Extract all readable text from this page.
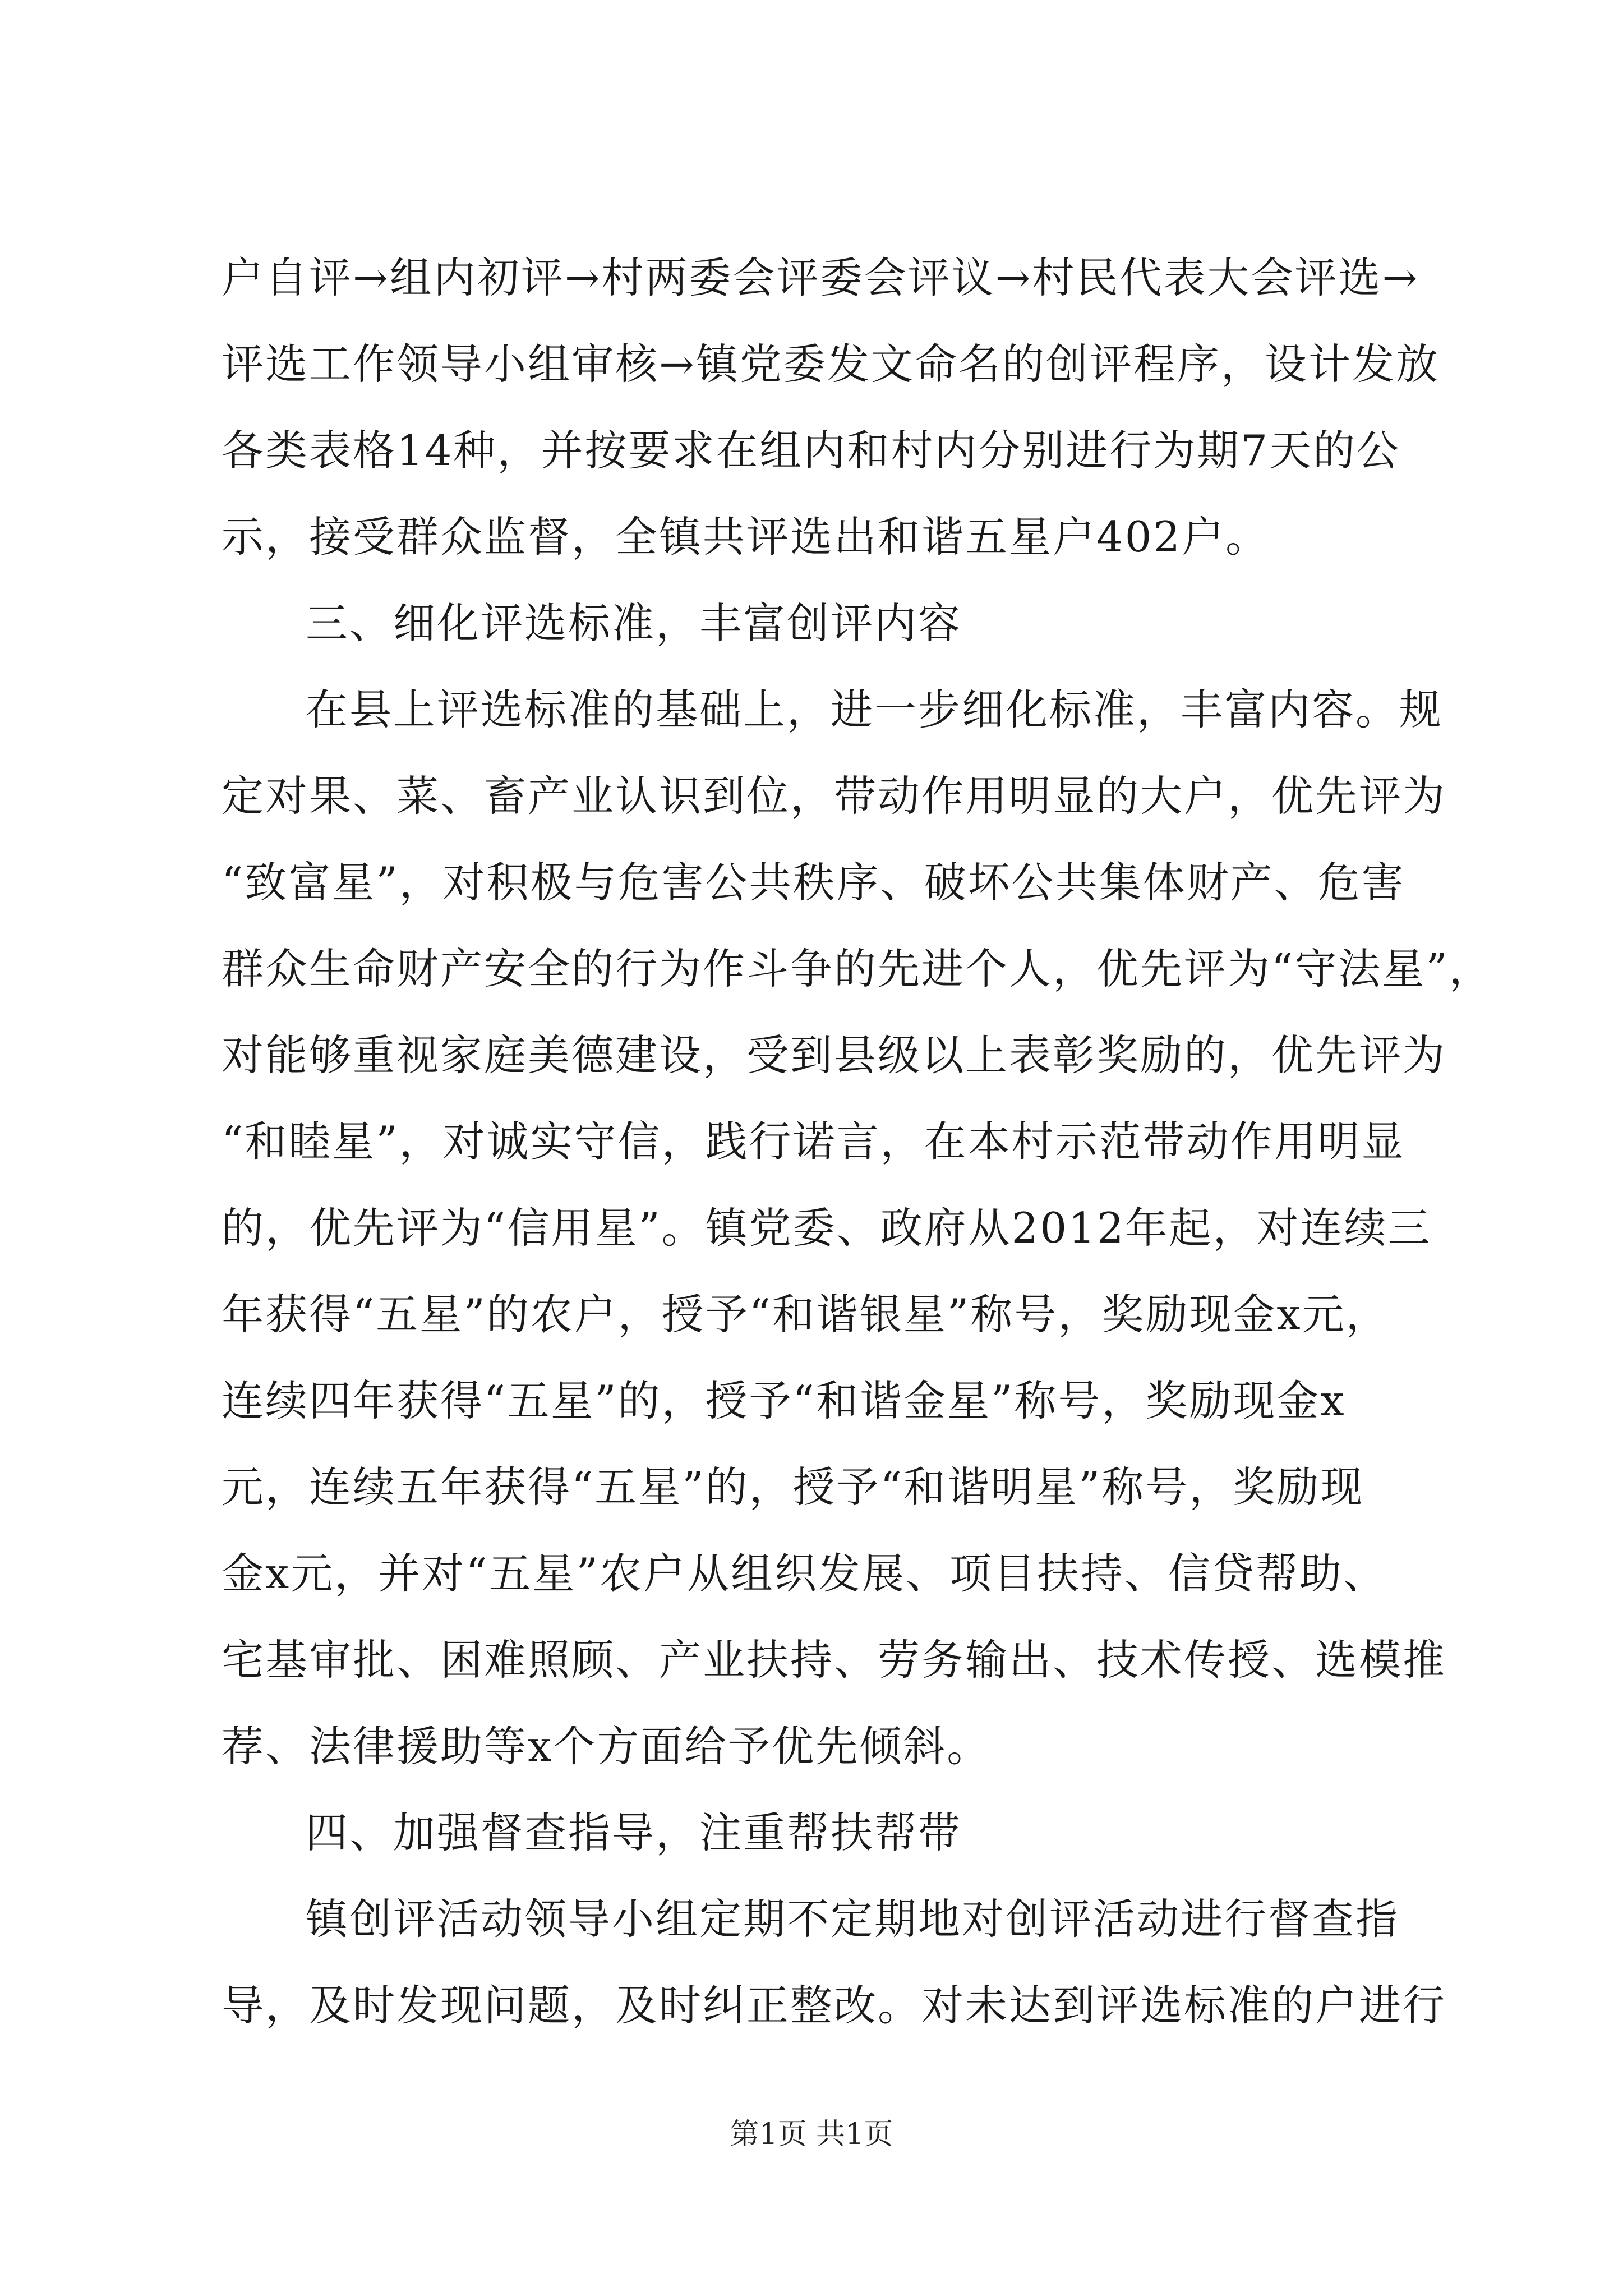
户自评→组内初评→村两委会评委会评议→村民代表大会评选→
评选工作领导小组审核→镇党委发文命名的创评程序，设计发放
各类表格14种，并按要求在组内和村内分别进行为期7天的公
示，接受群众监督，全镇共评选出和谐五星户402户。
三、细化评选标准，丰富创评内容
在县上评选标准的基础上，进一步细化标准，丰富内容。规
定对果、菜、畜产业认识到位，带动作用明显的大户，优先评为
“致富星”，对积极与危害公共秩序、破坏公共集体财产、危害
群众生命财产安全的行为作斗争的先进个人，优先评为“守法星”，
对能够重视家庭美德建设，受到县级以上表彰奖励的，优先评为
“和睦星”，对诚实守信，践行诺言，在本村示范带动作用明显
的，优先评为“信用星”。镇党委、政府从2012年起，对连续三
年获得“五星”的农户，授予“和谐银星”称号，奖励现金x元，
连续四年获得“五星”的，授予“和谐金星”称号，奖励现金x
元，连续五年获得“五星”的，授予“和谐明星”称号，奖励现
金x元，并对“五星”农户从组织发展、项目扶持、信贷帮助、
宅基审批、困难照顾、产业扶持、劳务输出、技术传授、选模推
荐、法律援助等x个方面给予优先倾斜。
四、加强督查指导，注重帮扶帮带
镇创评活动领导小组定期不定期地对创评活动进行督查指
导，及时发现问题，及时纠正整改。对未达到评选标准的户进行
第1页 共1页
